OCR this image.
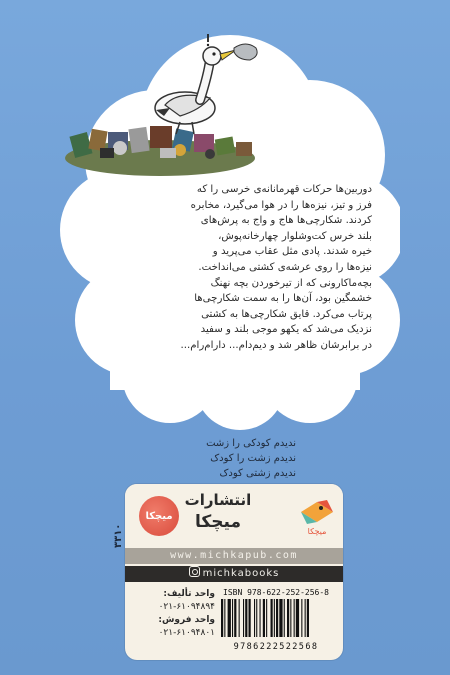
دوربین‌ها حرکات قهرمانانه‌ی خرسی را که

فرز و تیز، نیزه‌ها را در هوا می‌گیرد، مخابره

کردند. شکارچی‌ها هاج و واج به پرش‌های

بلند خرس کت‌وشلوار چهارخانه‌پوش،

خیره شدند. پادی مثل عقاب می‌پرید و

نیزه‌ها را روی عرشه‌ی کشتی می‌انداخت.

بچه‌ماکارونی که از تیرخوردن بچه نهنگ

خشمگین بود، آن‌ها را به سمت شکارچی‌ها

پرتاب می‌کرد. قایق شکارچی‌ها به کشتی

نزدیک می‌شد که یکهو موجی بلند و سفید

در برابرشان ظاهر شد و دیم‌دام... دارام‌رام...

ندیدم کودکی را زشت
ندیدم زشت را کودک
ندیدم زشتی کودک
۳۳۱۰
میچکا
انتشارات
میچکا	میچکا
www.michkapub.com
michkabooks
واحد تألیف:
۰۲۱-۶۱۰۹۴۸۹۴
واحد فروش:
۰۲۱-۶۱۰۹۴۸۰۱
ISBN 978-622-252-256-8
9786222522568
